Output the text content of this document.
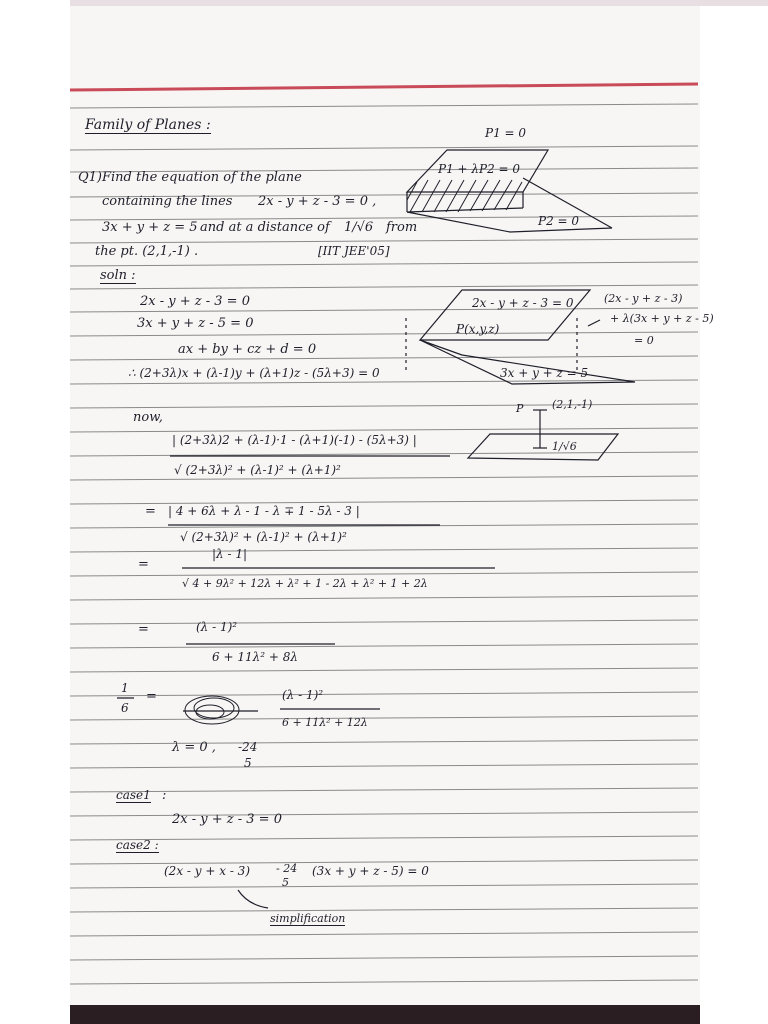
Family of Planes :	P1 = 0
P1 + λP2 = 0
P2 = 0
Q1) Find the equation of the plane
containing the lines 2x - y + z - 3 = 0 ,
3x + y + z = 5 and at a distance of 1/√6 from
the pt. (2,1,-1) .	[IIT JEE'05]
soln :
2x - y + z - 3 = 0
3x + y + z - 5 = 0
ax + by + cz + d = 0
∴ (2+3λ)x + (λ-1)y + (λ+1)z - (5λ+3) = 0
2x - y + z - 3 = 0
P(x,y,z)
3x + y + z = 5
(2x - y + z - 3)
+ λ(3x + y + z - 5)
= 0
now,
P	(2,1,-1)
1/√6
| (2+3λ)2 + (λ-1)·1 - (λ+1)(-1) - (5λ+3) |
√ (2+3λ)² + (λ-1)² + (λ+1)²
= | 4 + 6λ + λ - 1 - λ ∓ 1 - 5λ - 3 |
√ (2+3λ)² + (λ-1)² + (λ+1)²
=
|λ - 1|
√ 4 + 9λ² + 12λ + λ² + 1 - 2λ + λ² + 1 + 2λ
=	(λ - 1)²
6 + 11λ² + 8λ
1
6
=	(λ - 1)²
6 + 11λ² + 12λ
λ = 0 , -24
5
case1 :
2x - y + z - 3 = 0
case2 :
(2x - y + x - 3) - 24
5
(3x + y + z - 5) = 0
simplification
